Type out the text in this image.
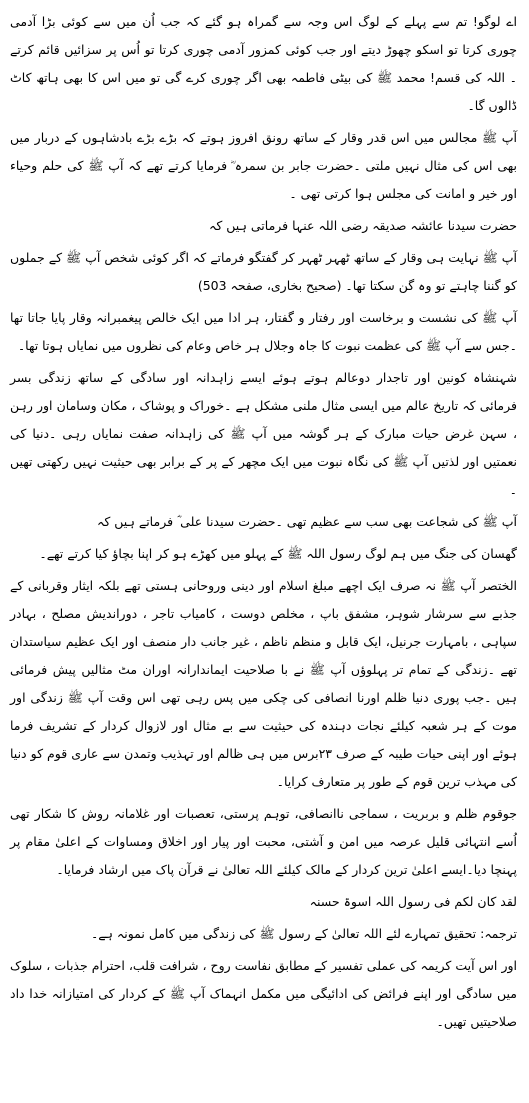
اے لوگو! تم سے پہلے کے لوگ اس وجہ سے گمراہ ہو گئے کہ جب اُن میں سے کوئی بڑا آدمی چوری کرتا تو اسکو چھوڑ دیتے اور جب کوئی کمزور آدمی چوری کرتا تو اُس پر سزائیں قائم کرتے ۔ اللہ کی قسم! محمد ﷺ کی بیٹی فاطمہ بھی اگر چوری کرے گی تو میں اس کا بھی ہاتھ کاٹ ڈالوں گا۔

آپ ﷺ مجالس میں اس قدر وقار کے ساتھ رونق افروز ہوتے کہ بڑے بڑے بادشاہوں کے دربار میں بھی اس کی مثال نہیں ملتی ۔حضرت جابر بن سمرہ ؓ فرمایا کرتے تھے کہ آپ ﷺ کی حلم وحیاء اور خیر و امانت کی مجلس ہوا کرتی تھی ۔

حضرت سیدنا عائشہ صدیقہ رضی اللہ عنہا فرماتی ہیں کہ

آپ ﷺ نہایت ہی وقار کے ساتھ ٹھہر ٹھہر کر گفتگو فرماتے کہ اگر کوئی شخص آپ ﷺ کے جملوں کو گننا چاہتے تو وہ گن سکتا تھا۔ (صحیح بخاری، صفحہ 503)

آپ ﷺ کی نشست و برخاست اور رفتار و گفتار، ہر ادا میں ایک خالص پیغمبرانہ وقار پایا جاتا تھا ۔جس سے آپ ﷺ کی عظمت نبوت کا جاہ وجلال ہر خاص وعام کی نظروں میں نمایاں ہوتا تھا۔

شہنشاہ کونین اور تاجدار دوعالم ہوتے ہوئے ایسے زاہدانہ اور سادگی کے ساتھ زندگی بسر فرمائی کہ تاریخ عالم میں ایسی مثال ملنی مشکل ہے ۔خوراک و پوشاک ، مکان وسامان اور رہن ، سہن غرض حیات مبارک کے ہر گوشہ میں آپ ﷺ کی زاہدانہ صفت نمایاں رہی ۔دنیا کی نعمتیں اور لذتیں آپ ﷺ کی نگاہ نبوت میں ایک مچھر کے پر کے برابر بھی حیثیت نہیں رکھتی تھیں ۔

آپ ﷺ کی شجاعت بھی سب سے عظیم تھی ۔حضرت سیدنا علی ؓ فرماتے ہیں کہ

گھسان کی جنگ میں ہم لوگ رسول اللہ ﷺ کے پہلو میں کھڑے ہو کر اپنا بچاؤ کیا کرتے تھے۔

الختصر آپ ﷺ نہ صرف ایک اچھے مبلغ اسلام اور دینی وروحانی ہستی تھے بلکہ ایثار وقربانی کے جذبے سے سرشار شوہر، مشفق باپ ، مخلص دوست ، کامیاب تاجر ، دوراندیش مصلح ، بہادر سپاہی ، بامہارت جرنیل، ایک قابل و منظم ناظم ، غیر جانب دار منصف اور ایک عظیم سیاستدان تھے ۔زندگی کے تمام تر پہلوؤں آپ ﷺ نے با صلاحیت ایماندارانہ اوران مٹ مثالیں پیش فرمائی ہیں ۔جب پوری دنیا ظلم اورنا انصافی کی چکی میں پس رہی تھی اس وقت آپ ﷺ زندگی اور موت کے ہر شعبہ کیلئے نجات دہندہ کی حیثیت سے بے مثال اور لازوال کردار کے تشریف فرما ہوئے اور اپنی حیات طیبہ کے صرف ۲۳برس میں ہی ظالم اور تہذیب وتمدن سے عاری قوم کو دنیا کی مہذب ترین قوم کے طور پر متعارف کرایا۔

جوقوم ظلم و بربریت ، سماجی ناانصافی، توہم پرستی، تعصبات اور غلامانہ روش کا شکار تھی اُسے انتہائی قلیل عرصہ میں امن و آشتی، محبت اور پیار اور اخلاق ومساوات کے اعلیٰ مقام پر پہنچا دیا۔ایسے اعلیٰ ترین کردار کے مالک کیلئے اللہ تعالیٰ نے قرآن پاک میں ارشاد فرمایا۔

لقد کان لکم فی رسول اللہ اسوۃ حسنہ

ترجمہ: تحقیق تمہارے لئے اللہ تعالیٰ کے رسول ﷺ کی زندگی میں کامل نمونہ ہے۔

اور اس آیت کریمہ کی عملی تفسیر کے مطابق نفاست روح ، شرافت قلب، احترام جذبات ، سلوک میں سادگی اور اپنے فرائض کی ادائیگی میں مکمل انہماک آپ ﷺ کے کردار کی امتیازانہ خدا داد صلاحیتیں تھیں۔
